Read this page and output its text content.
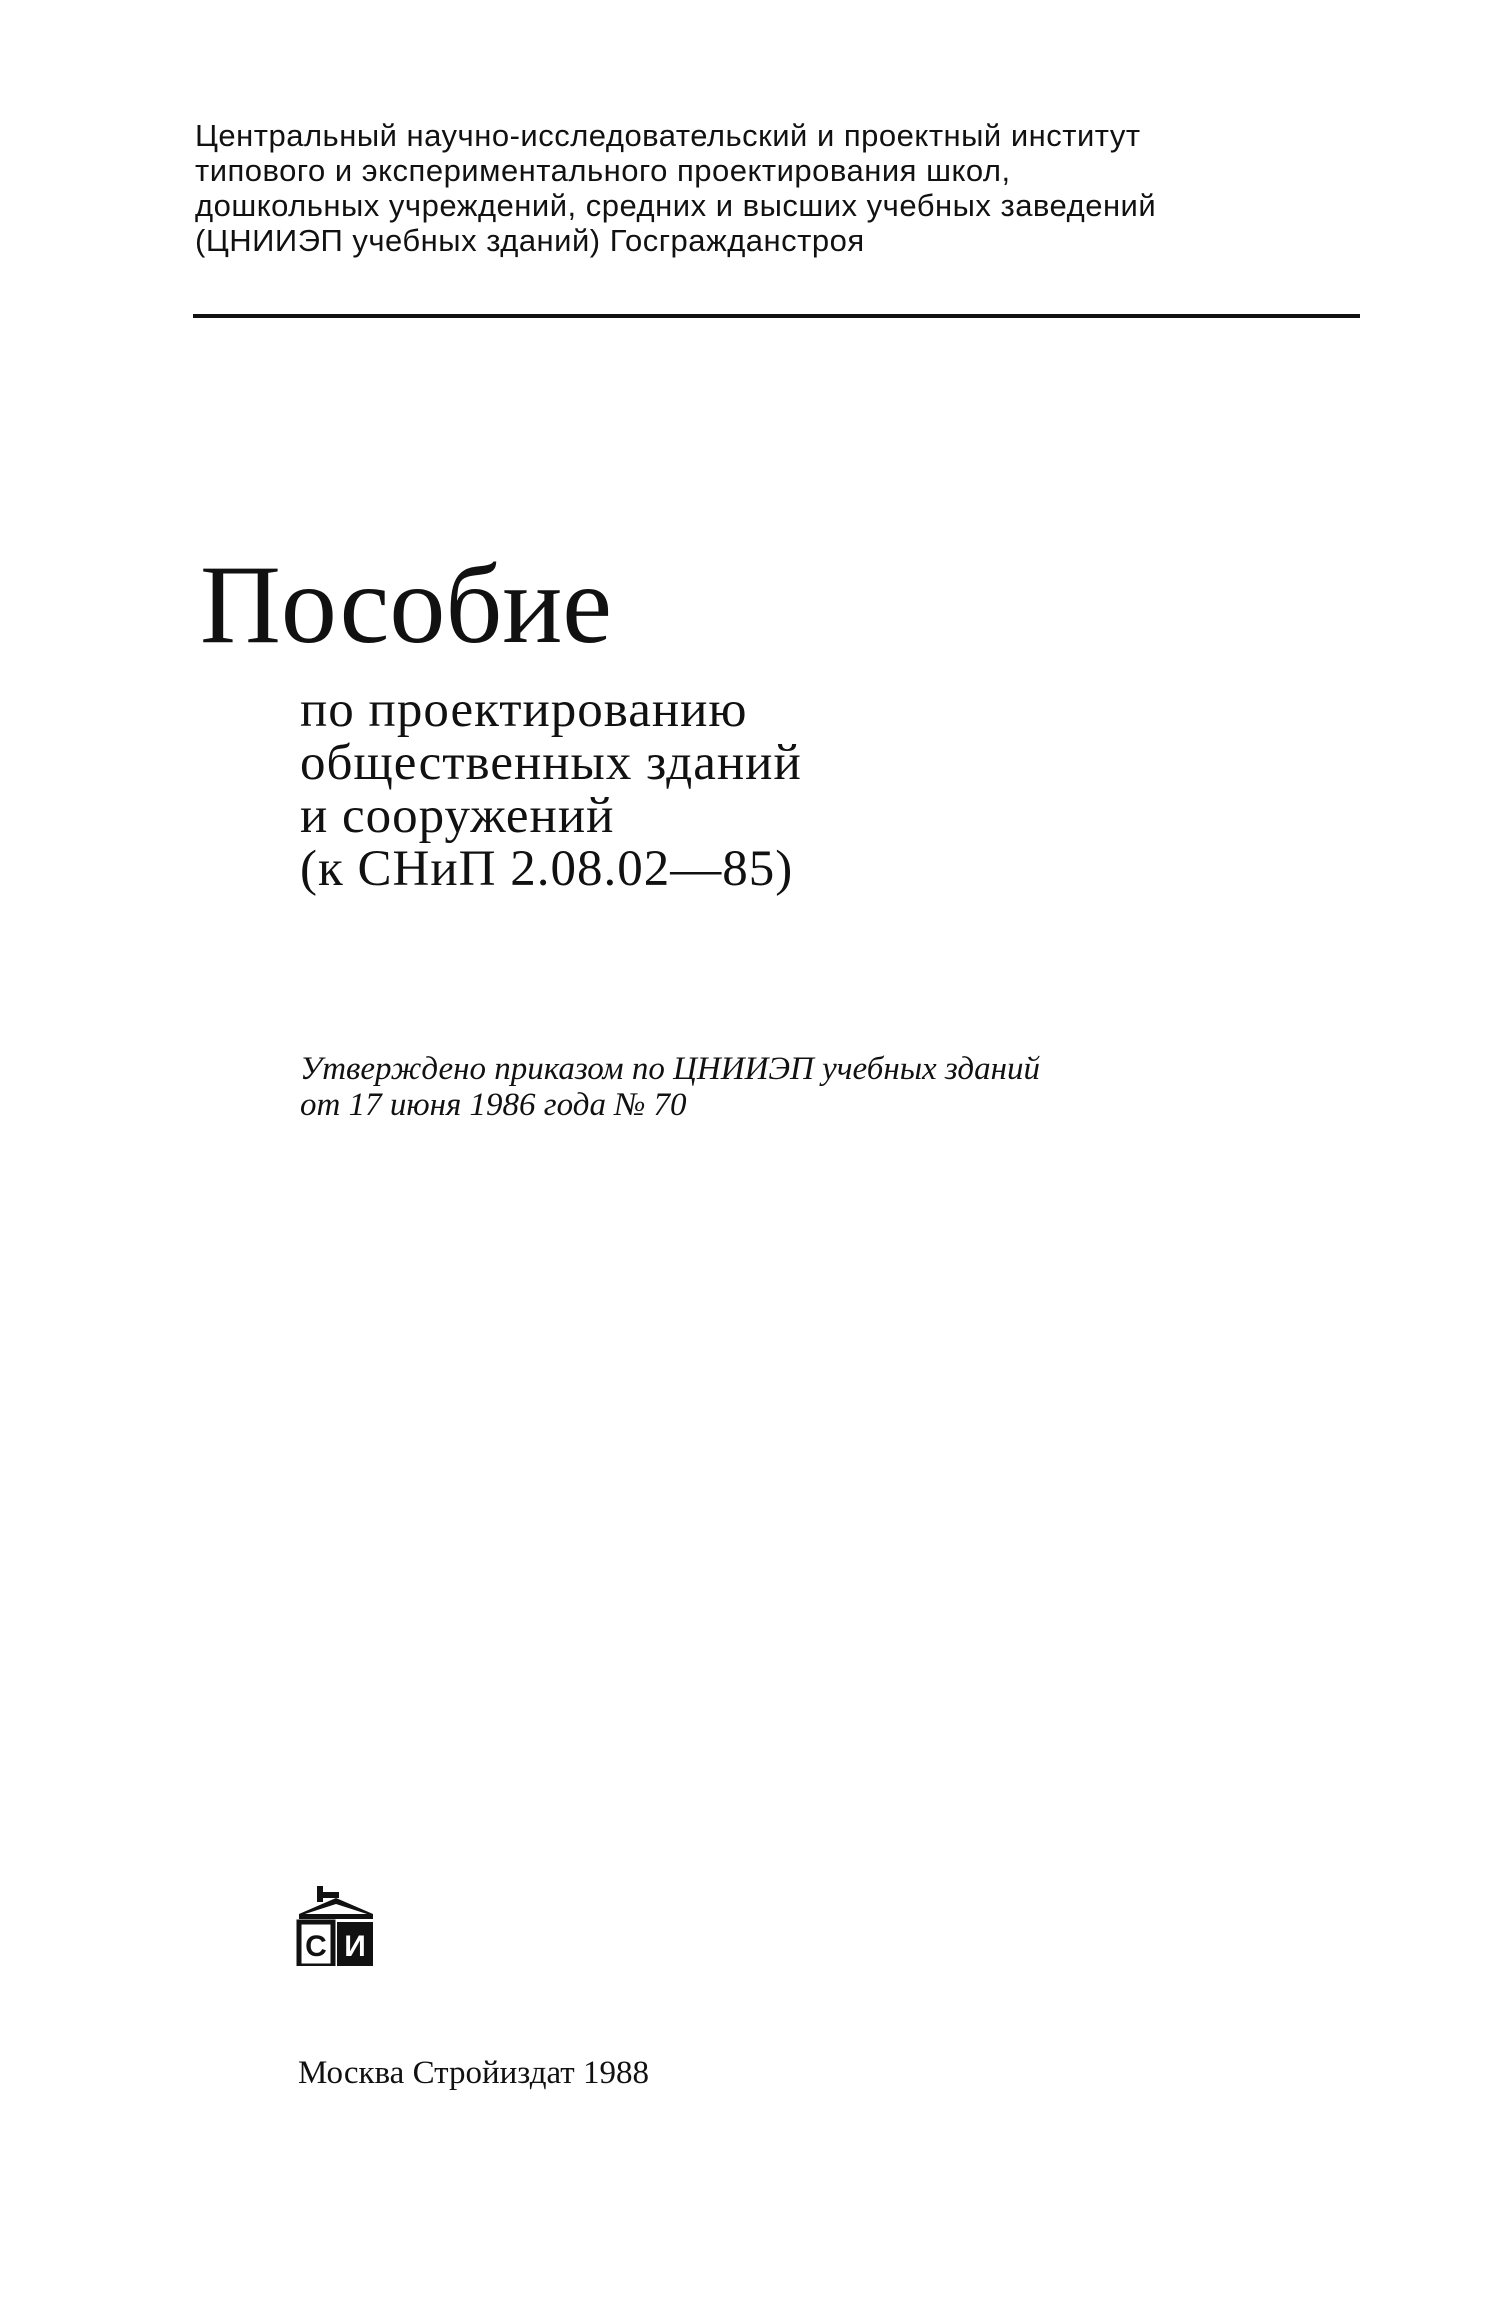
Центральный научно-исследовательский и проектный институт
типового и экспериментального проектирования школ,
дошкольных учреждений, средних и высших учебных заведений
(ЦНИИЭП учебных зданий) Госгражданстроя
Пособие
по проектированию
общественных зданий
и сооружений
(к СНиП 2.08.02—85)
Утверждено приказом по ЦНИИЭП учебных зданий
от 17 июня 1986 года № 70
С И
Москва Стройиздат 1988
